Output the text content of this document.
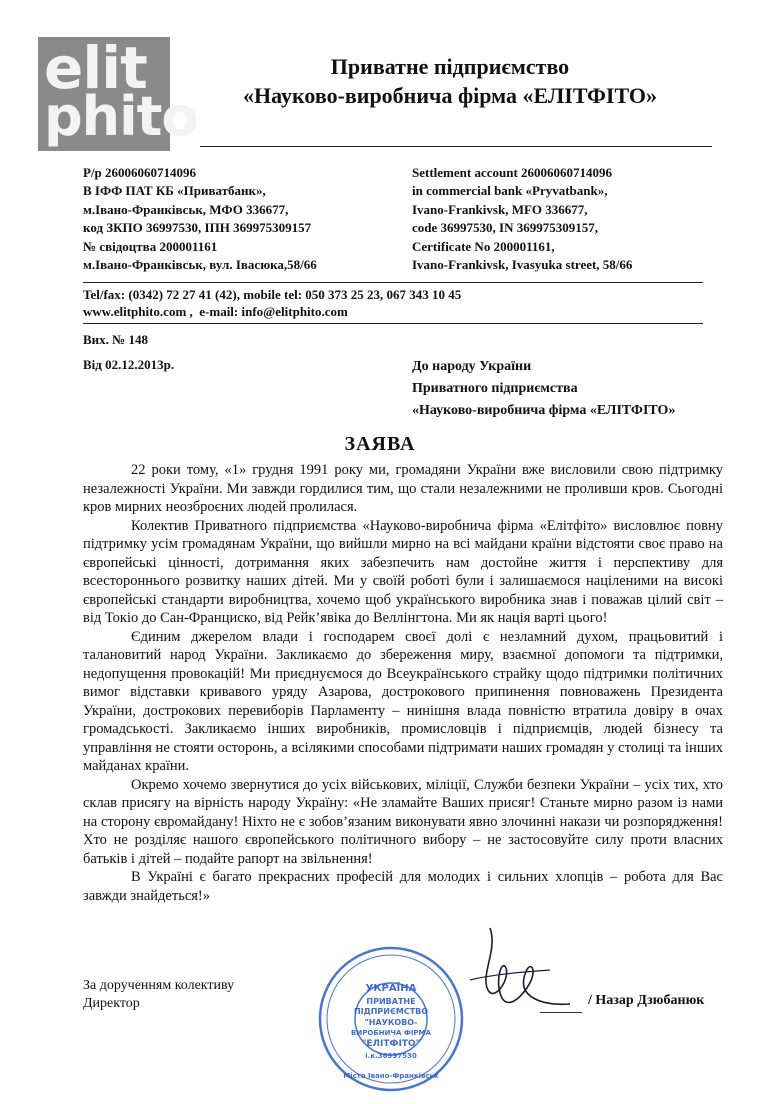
elit
phito
Приватне підприємство
«Науково-виробнича фірма «ЕЛІТФІТО»
Р/р 26006060714096
В ІФФ ПАТ КБ «Приватбанк»,
м.Івано-Франківськ, МФО 336677,
код ЗКПО 36997530, ІПН 369975309157
№ свідоцтва 200001161
м.Івано-Франківськ, вул. Івасюка,58/66
Settlement account 26006060714096
in commercial bank «Pryvatbank»,
Ivano-Frankivsk, MFO 336677,
code 36997530, IN 369975309157,
Certificate No 200001161,
Ivano-Frankivsk, Ivasyuka street, 58/66
Tel/fax: (0342) 72 27 41 (42), mobile tel: 050 373 25 23, 067 343 10 45
www.elitphito.com ,  e-mail: info@elitphito.com
Вих. № 148
Від 02.12.2013р.	До народу України
Приватного підприємства
«Науково-виробнича фірма «ЕЛІТФІТО»
ЗАЯВА

22 роки тому, «1» грудня 1991 року ми, громадяни України вже висловили свою підтримку незалежності України. Ми завжди гордилися тим, що стали незалежними не проливши кров. Сьогодні кров мирних неозброєних людей пролилася.

Колектив Приватного підприємства «Науково-виробнича фірма «Елітфіто» висловлює повну підтримку усім громадянам України, що вийшли мирно на всі майдани країни відстояти своє право на європейські цінності, дотримання яких забезпечить нам достойне життя і перспективу для всестороннього розвитку наших дітей. Ми у своїй роботі були і залишаємося націленими на високі європейські стандарти виробництва, хочемо щоб українського виробника знав і поважав цілий світ – від Токіо до Сан-Франциско, від Рейк’явіка до Веллінгтона. Ми як нація варті цього!

Єдиним джерелом влади і господарем своєї долі є незламний духом, працьовитий і талановитий народ України. Закликаємо до збереження миру, взаємної допомоги та підтримки, недопущення провокацій! Ми приєднуємося до Всеукраїнського страйку щодо підтримки політичних вимог відставки кривавого уряду Азарова, дострокового припинення повноважень Президента України, дострокових перевиборів Парламенту – нинішня влада повністю втратила довіру в очах громадськості. Закликаємо інших виробників, промисловців і підприємців, людей бізнесу та управління не стояти осторонь, а всілякими способами підтримати наших громадян у столиці та інших майданах країни.

Окремо хочемо звернутися до усіх військових, міліції, Служби безпеки України – усіх тих, хто склав присягу на вірність народу Україну: «Не зламайте Ваших присяг! Станьте мирно разом із нами на сторону євромайдану! Ніхто не є зобов’язаним виконувати явно злочинні накази чи розпорядження! Хто не розділяє нашого європейського політичного вибору – не застосовуйте силу проти власних батьків і дітей – подайте рапорт на звільнення!

В Україні є багато прекрасних професій для молодих і сильних хлопців – робота для Вас завжди знайдеться!»

За дорученням колективу
Директор	/ Назар Дзюбанюк
УКРАЇНА
ПРИВАТНЕ
ПІДПРИЄМСТВО
"НАУКОВО-
ВИРОБНИЧА ФІРМА
"ЕЛІТФІТО"
і.к.36997530
Місто Івано-Франківськ
